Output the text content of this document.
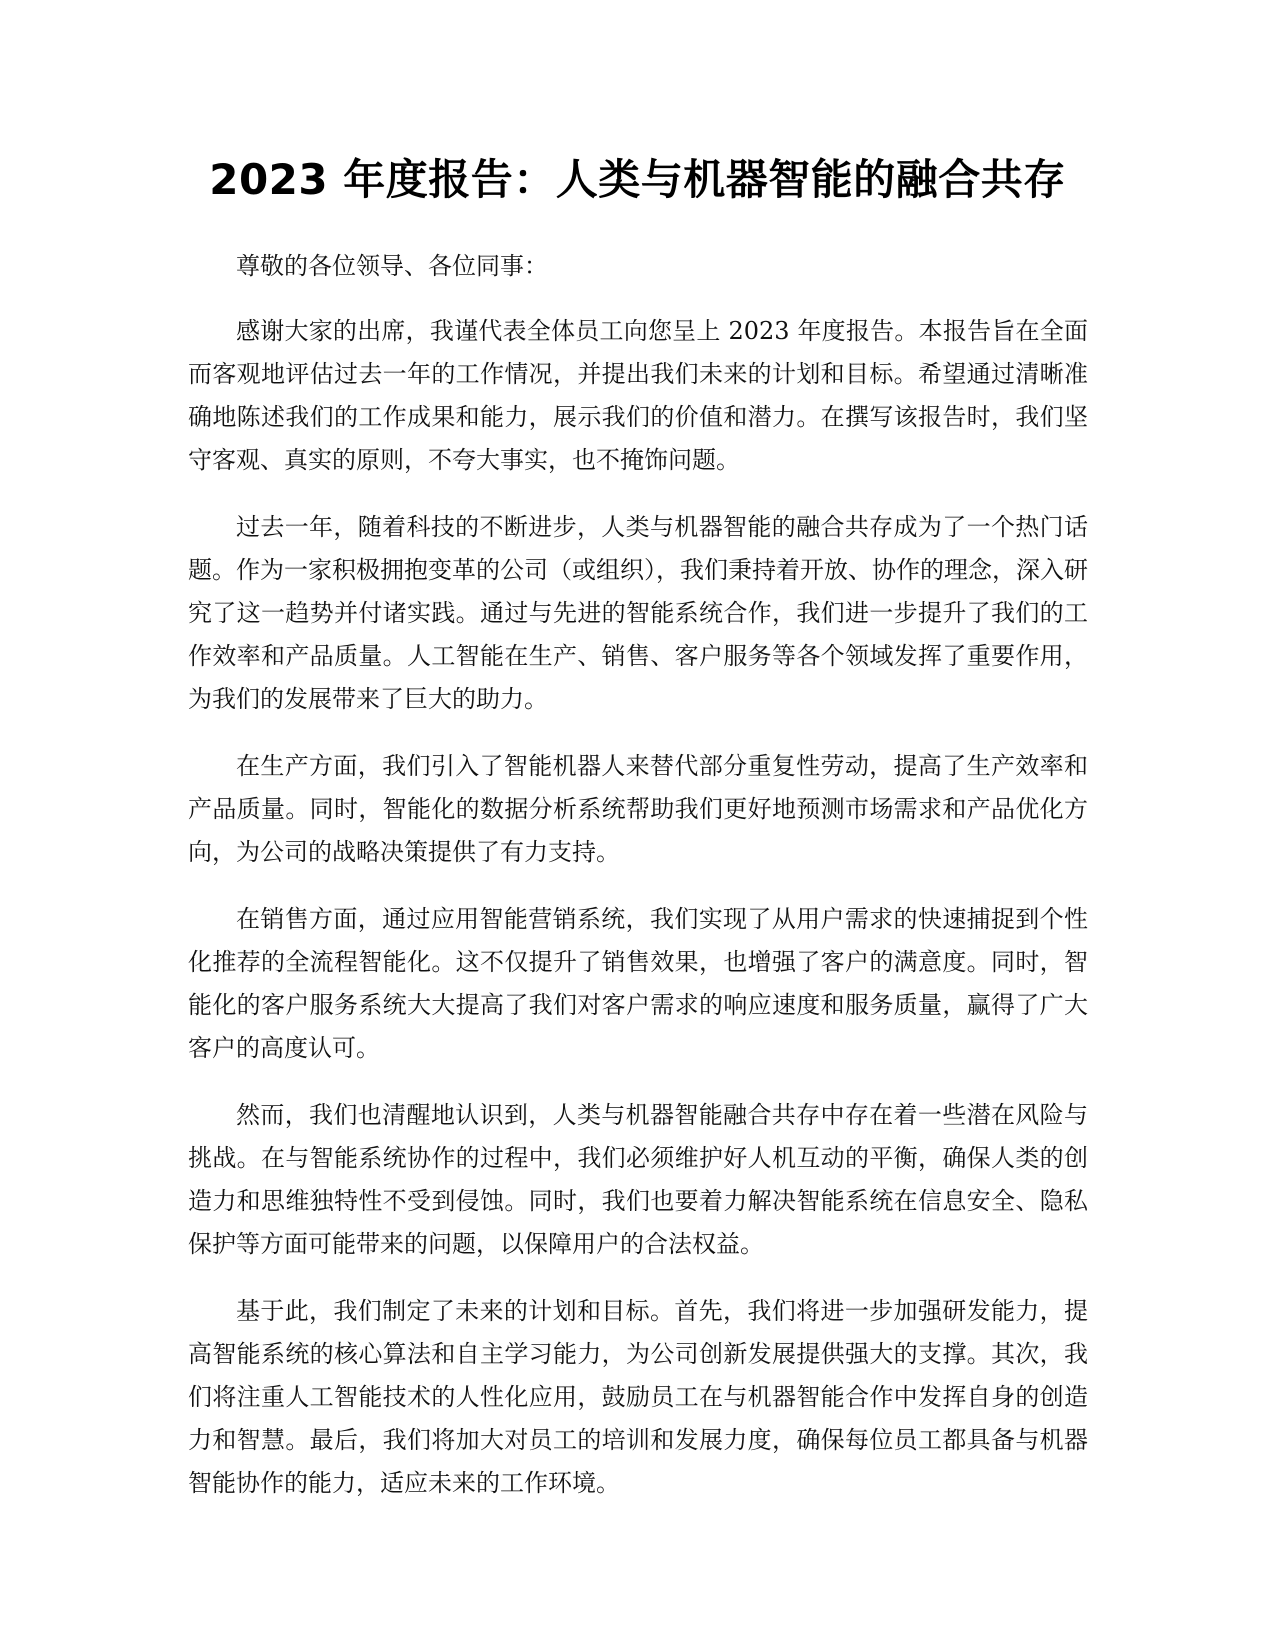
2023 年度报告：人类与机器智能的融合共存

尊敬的各位领导、各位同事：

感谢大家的出席，我谨代表全体员工向您呈上 2023 年度报告。本报告旨在全面而客观地评估过去一年的工作情况，并提出我们未来的计划和目标。希望通过清晰准确地陈述我们的工作成果和能力，展示我们的价值和潜力。在撰写该报告时，我们坚守客观、真实的原则，不夸大事实，也不掩饰问题。

过去一年，随着科技的不断进步，人类与机器智能的融合共存成为了一个热门话题。作为一家积极拥抱变革的公司（或组织），我们秉持着开放、协作的理念，深入研究了这一趋势并付诸实践。通过与先进的智能系统合作，我们进一步提升了我们的工作效率和产品质量。人工智能在生产、销售、客户服务等各个领域发挥了重要作用，为我们的发展带来了巨大的助力。

在生产方面，我们引入了智能机器人来替代部分重复性劳动，提高了生产效率和产品质量。同时，智能化的数据分析系统帮助我们更好地预测市场需求和产品优化方向，为公司的战略决策提供了有力支持。

在销售方面，通过应用智能营销系统，我们实现了从用户需求的快速捕捉到个性化推荐的全流程智能化。这不仅提升了销售效果，也增强了客户的满意度。同时，智能化的客户服务系统大大提高了我们对客户需求的响应速度和服务质量，赢得了广大客户的高度认可。

然而，我们也清醒地认识到，人类与机器智能融合共存中存在着一些潜在风险与挑战。在与智能系统协作的过程中，我们必须维护好人机互动的平衡，确保人类的创造力和思维独特性不受到侵蚀。同时，我们也要着力解决智能系统在信息安全、隐私保护等方面可能带来的问题，以保障用户的合法权益。

基于此，我们制定了未来的计划和目标。首先，我们将进一步加强研发能力，提高智能系统的核心算法和自主学习能力，为公司创新发展提供强大的支撑。其次，我们将注重人工智能技术的人性化应用，鼓励员工在与机器智能合作中发挥自身的创造力和智慧。最后，我们将加大对员工的培训和发展力度，确保每位员工都具备与机器智能协作的能力，适应未来的工作环境。
